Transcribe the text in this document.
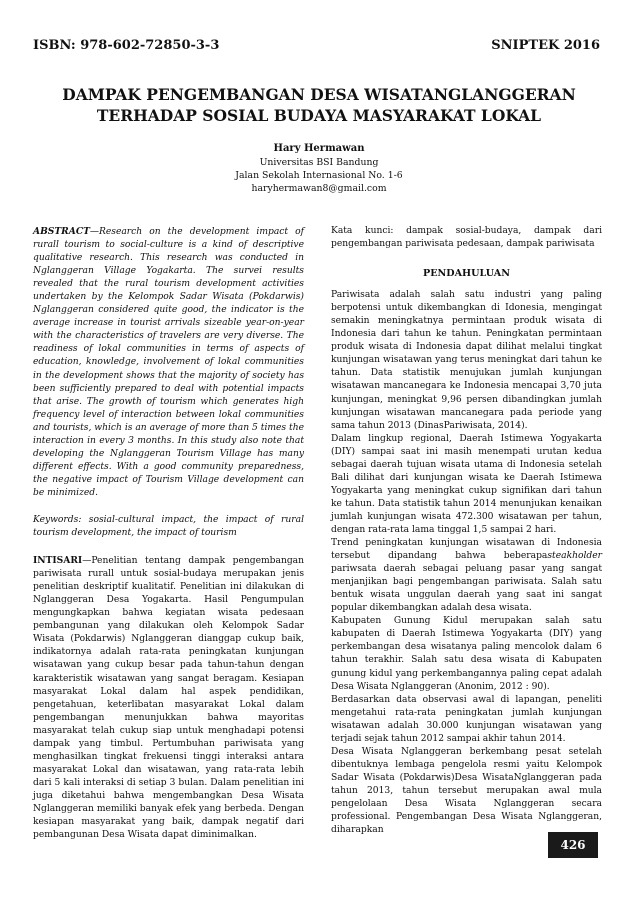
ISBN: 978-602-72850-3-3	SNIPTEK 2016
DAMPAK PENGEMBANGAN DESA WISATANGLANGGERAN
TERHADAP SOSIAL BUDAYA MASYARAKAT LOKAL
Hary Hermawan
Universitas BSI Bandung
Jalan Sekolah Internasional No. 1-6
haryhermawan8@gmail.com

ABSTRACT—Research on the development impact of rurall tourism to social-culture is a kind of descriptive qualitative research. This research was conducted in Nglanggeran Village Yogakarta. The survei results revealed that the rural tourism development activities undertaken by the Kelompok Sadar Wisata (Pokdarwis) Nglanggeran considered quite good, the indicator is the average increase in tourist arrivals sizeable year-on-year with the characteristics of travelers are very diverse. The readiness of lokal communities in terms of aspects of education, knowledge, involvement of lokal communities in the development shows that the majority of society has been sufficiently prepared to deal with potential impacts that arise. The growth of tourism which generates high frequency level of interaction between lokal communities and tourists, which is an average of more than 5 times the interaction in every 3 months. In this study also note that developing the Nglanggeran Tourism Village has many different effects. With a good community preparedness, the negative impact of Tourism Village development can be minimized.

Keywords: sosial-cultural impact, the impact of rural tourism development, the impact of tourism

INTISARI—Penelitian tentang dampak pengembangan pariwisata rurall untuk sosial-budaya merupakan jenis penelitian deskriptif kualitatif. Penelitian ini dilakukan di Nglanggeran Desa Yogakarta. Hasil Pengumpulan mengungkapkan bahwa kegiatan wisata pedesaan pembangunan yang dilakukan oleh Kelompok Sadar Wisata (Pokdarwis) Nglanggeran dianggap cukup baik, indikatornya adalah rata-rata peningkatan kunjungan wisatawan yang cukup besar pada tahun-tahun dengan karakteristik wisatawan yang sangat beragam. Kesiapan masyarakat Lokal dalam hal aspek pendidikan, pengetahuan, keterlibatan masyarakat Lokal dalam pengembangan menunjukkan bahwa mayoritas masyarakat telah cukup siap untuk menghadapi potensi dampak yang timbul. Pertumbuhan pariwisata yang menghasilkan tingkat frekuensi tinggi interaksi antara masyarakat Lokal dan wisatawan, yang rata-rata lebih dari 5 kali interaksi di setiap 3 bulan. Dalam penelitian ini juga diketahui bahwa mengembangkan Desa Wisata Nglanggeran memiliki banyak efek yang berbeda. Dengan kesiapan masyarakat yang baik, dampak negatif dari pembangunan Desa Wisata dapat diminimalkan.

Kata kunci: dampak sosial-budaya, dampak dari pengembangan pariwisata pedesaan, dampak pariwisata

PENDAHULUAN

Pariwisata adalah salah satu industri yang paling berpotensi untuk dikembangkan di Idonesia, mengingat semakin meningkatnya permintaan produk wisata di Indonesia dari tahun ke tahun. Peningkatan permintaan produk wisata di Indonesia dapat dilihat melalui tingkat kunjungan wisatawan yang terus meningkat dari tahun ke tahun. Data statistik menujukan jumlah kunjungan wisatawan mancanegara ke Indonesia mencapai 3,70 juta kunjungan, meningkat 9,96 persen dibandingkan jumlah kunjungan wisatawan mancanegara pada periode yang sama tahun 2013 (DinasPariwisata, 2014).

Dalam lingkup regional, Daerah Istimewa Yogyakarta (DIY) sampai saat ini masih menempati urutan kedua sebagai daerah tujuan wisata utama di Indonesia setelah Bali dilihat dari kunjungan wisata ke Daerah Istimewa Yogyakarta yang meningkat cukup signifikan dari tahun ke tahun. Data statistik tahun 2014 menunjukan kenaikan jumlah kunjungan wisata 472.300 wisatawan per tahun, dengan rata-rata lama tinggal 1,5 sampai 2 hari.

Trend peningkatan kunjungan wisatawan di Indonesia tersebut dipandang bahwa beberapasteakholder pariwsata daerah sebagai peluang pasar yang sangat menjanjikan bagi pengembangan pariwisata. Salah satu bentuk wisata unggulan daerah yang saat ini sangat popular dikembangkan adalah desa wisata.

Kabupaten Gunung Kidul merupakan salah satu kabupaten di Daerah Istimewa Yogyakarta (DIY) yang perkembangan desa wisatanya paling mencolok dalam 6 tahun terakhir. Salah satu desa wisata di Kabupaten gunung kidul yang perkembangannya paling cepat adalah Desa Wisata Nglanggeran (Anonim, 2012 : 90).

Berdasarkan data observasi awal di lapangan, peneliti mengetahui rata-rata peningkatan jumlah kunjungan wisatawan adalah 30.000 kunjungan wisatawan yang terjadi sejak tahun 2012 sampai akhir tahun 2014.

Desa Wisata Nglanggeran berkembang pesat setelah dibentuknya lembaga pengelola resmi yaitu Kelompok Sadar Wisata (Pokdarwis)Desa WisataNglanggeran pada tahun 2013, tahun tersebut merupakan awal mula pengelolaan Desa Wisata Nglanggeran secara professional. Pengembangan Desa Wisata Nglanggeran, diharapkan

426
